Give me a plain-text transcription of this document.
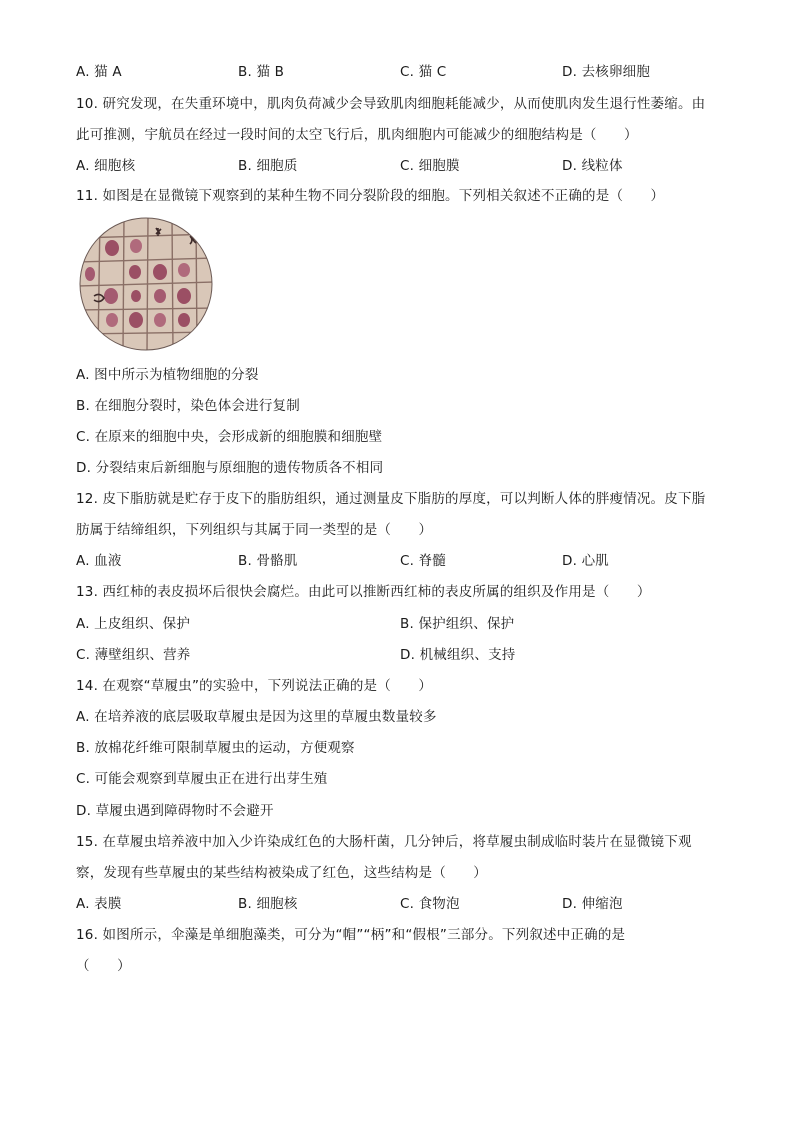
A. 猫 A	B. 猫 B	C. 猫 C	D. 去核卵细胞
10. 研究发现，在失重环境中，肌肉负荷减少会导致肌肉细胞耗能减少，从而使肌肉发生退行性萎缩。由
此可推测，宇航员在经过一段时间的太空飞行后，肌肉细胞内可能减少的细胞结构是（　　）
A. 细胞核	B. 细胞质	C. 细胞膜	D. 线粒体
11. 如图是在显微镜下观察到的某种生物不同分裂阶段的细胞。下列相关叙述不正确的是（　　）
A. 图中所示为植物细胞的分裂
B. 在细胞分裂时，染色体会进行复制
C. 在原来的细胞中央，会形成新的细胞膜和细胞壁
D. 分裂结束后新细胞与原细胞的遗传物质各不相同
12. 皮下脂肪就是贮存于皮下的脂肪组织，通过测量皮下脂肪的厚度，可以判断人体的胖瘦情况。皮下脂
肪属于结缔组织，下列组织与其属于同一类型的是（　　）
A. 血液	B. 骨骼肌	C. 脊髓	D. 心肌
13. 西红柿的表皮损坏后很快会腐烂。由此可以推断西红柿的表皮所属的组织及作用是（　　）
A. 上皮组织、保护	B. 保护组织、保护
C. 薄壁组织、营养	D. 机械组织、支持
14. 在观察“草履虫”的实验中，下列说法正确的是（　　）
A. 在培养液的底层吸取草履虫是因为这里的草履虫数量较多
B. 放棉花纤维可限制草履虫的运动，方便观察
C. 可能会观察到草履虫正在进行出芽生殖
D. 草履虫遇到障碍物时不会避开
15. 在草履虫培养液中加入少许染成红色的大肠杆菌，几分钟后，将草履虫制成临时装片在显微镜下观
察，发现有些草履虫的某些结构被染成了红色，这些结构是（　　）
A. 表膜	B. 细胞核	C. 食物泡	D. 伸缩泡
16. 如图所示，伞藻是单细胞藻类，可分为“帽”“柄”和“假根”三部分。下列叙述中正确的是
（　　）
